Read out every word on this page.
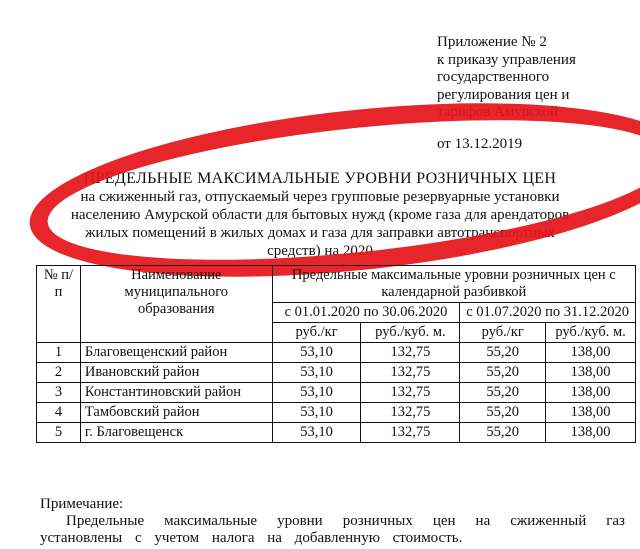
Приложение № 2
к приказу управления
государственного
регулирования цен и
тарифов Амурской
от 13.12.2019
ПРЕДЕЛЬНЫЕ МАКСИМАЛЬНЫЕ УРОВНИ РОЗНИЧНЫХ ЦЕН
на сжиженный газ, отпускаемый через групповые резервуарные установки
населению Амурской области для бытовых нужд (кроме газа для арендаторов
жилых помещений в жилых домах и газа для заправки автотранспортных
средств) на 2020
№ п/п	Наименование муниципального образования	Предельные максимальные уровни розничных цен с календарной разбивкой			
		с 01.01.2020 по 30.06.2020		с 01.07.2020 по 31.12.2020	
		руб./кг	руб./куб. м.	руб./кг	руб./куб. м.
1	Благовещенский район	53,10	132,75	55,20	138,00
2	Ивановский район	53,10	132,75	55,20	138,00
3	Константиновский район	53,10	132,75	55,20	138,00
4	Тамбовский район	53,10	132,75	55,20	138,00
5	г. Благовещенск	53,10	132,75	55,20	138,00
Примечание:
Предельные максимальные уровни розничных цен на сжиженный газ установлены с учетом налога на добавленную стоимость.
